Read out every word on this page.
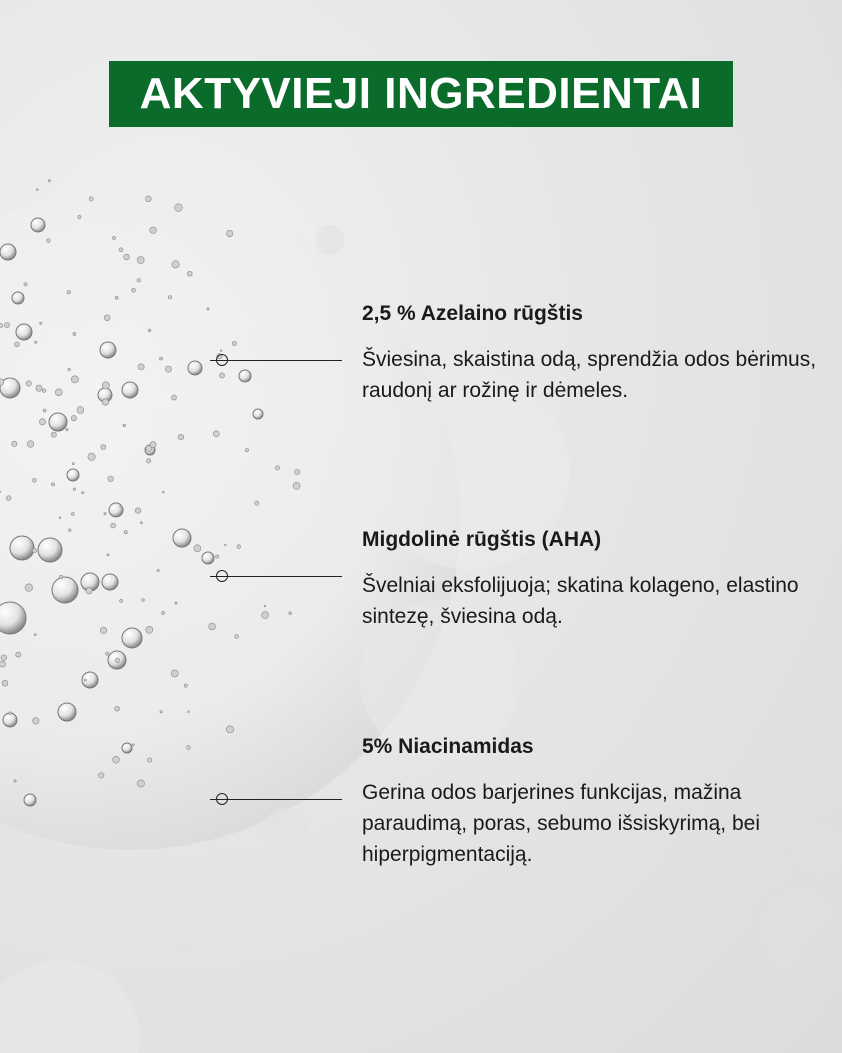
AKTYVIEJI INGREDIENTAI

2,5 % Azelaino rūgštis

Šviesina, skaistina odą, sprendžia odos bėrimus, raudonį ar rožinę ir dėmeles.

Migdolinė rūgštis (AHA)

Švelniai eksfolijuoja; skatina kolageno, elastino sintezę, šviesina odą.

5% Niacinamidas

Gerina odos barjerines funkcijas, mažina paraudimą, poras, sebumo išsiskyrimą, bei hiperpigmentaciją.
